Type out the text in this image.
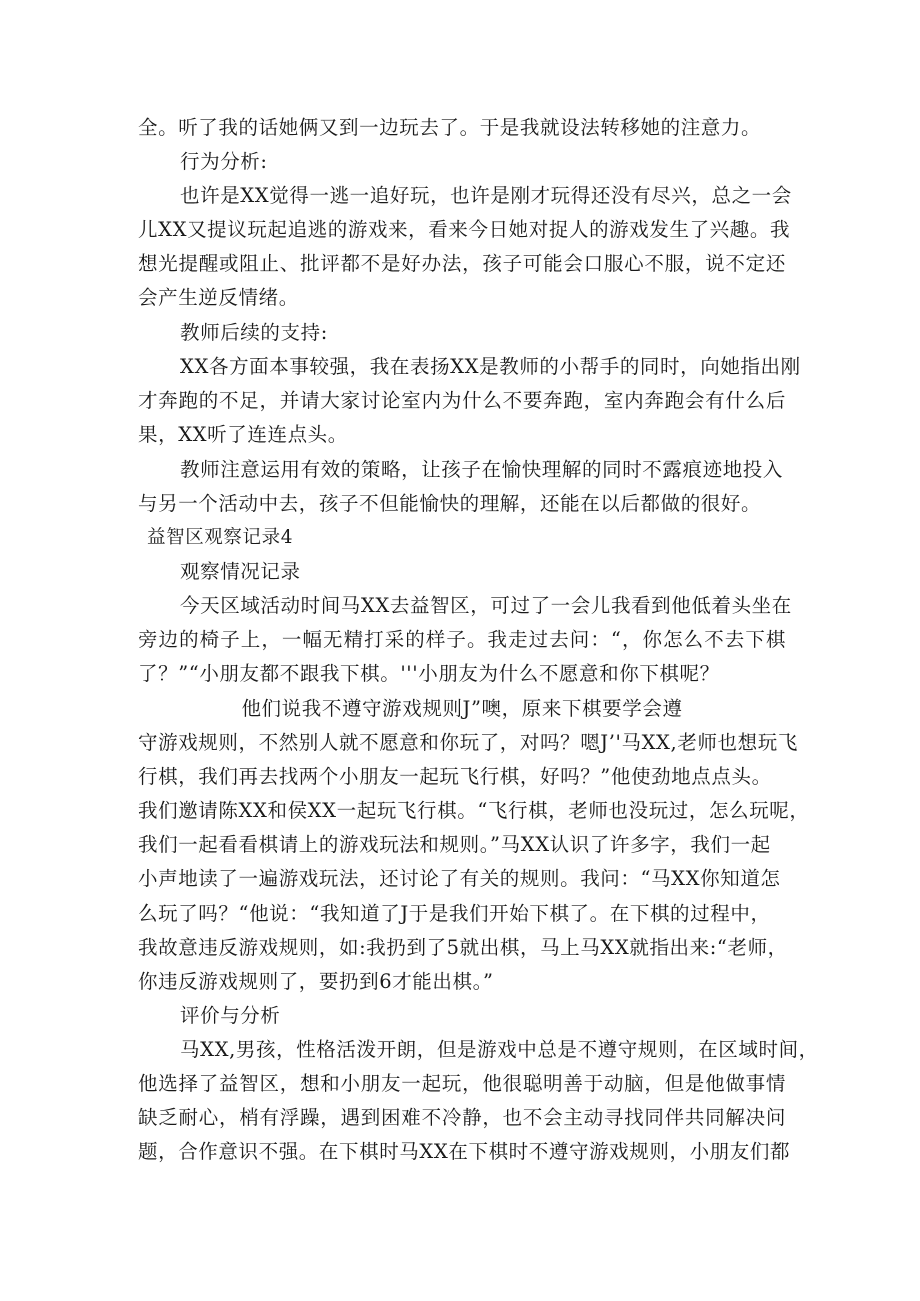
全。听了我的话她俩又到一边玩去了。于是我就设法转移她的注意力。
行为分析:
也许是XX觉得一逃一追好玩，也许是刚才玩得还没有尽兴，总之一会
儿XX又提议玩起追逃的游戏来，看来今日她对捉人的游戏发生了兴趣。我
想光提醒或阻止、批评都不是好办法，孩子可能会口服心不服，说不定还
会产生逆反情绪。
教师后续的支持:
XX各方面本事较强，我在表扬XX是教师的小帮手的同时，向她指出刚
才奔跑的不足，并请大家讨论室内为什么不要奔跑，室内奔跑会有什么后
果，XX听了连连点头。
教师注意运用有效的策略，让孩子在愉快理解的同时不露痕迹地投入
与另一个活动中去，孩子不但能愉快的理解，还能在以后都做的很好。
益智区观察记录4
观察情况记录
今天区域活动时间马XX去益智区，可过了一会儿我看到他低着头坐在
旁边的椅子上，一幅无精打采的样子。我走过去问：“，你怎么不去下棋
了？”“小朋友都不跟我下棋。'''小朋友为什么不愿意和你下棋呢？
他们说我不遵守游戏规则J”噢，原来下棋要学会遵
守游戏规则，不然别人就不愿意和你玩了，对吗？嗯J’'马XX,老师也想玩飞
行棋，我们再去找两个小朋友一起玩飞行棋，好吗？”他使劲地点点头。
我们邀请陈XX和侯XX一起玩飞行棋。“飞行棋，老师也没玩过，怎么玩呢，
我们一起看看棋请上的游戏玩法和规则。”马XX认识了许多字，我们一起
小声地读了一遍游戏玩法，还讨论了有关的规则。我问：“马XX你知道怎
么玩了吗？“他说：“我知道了J于是我们开始下棋了。在下棋的过程中，
我故意违反游戏规则，如:我扔到了5就出棋，马上马XX就指出来:“老师，
你违反游戏规则了，要扔到6才能出棋。”
评价与分析
马XX,男孩，性格活泼开朗，但是游戏中总是不遵守规则，在区域时间，
他选择了益智区，想和小朋友一起玩，他很聪明善于动脑，但是他做事情
缺乏耐心，梢有浮躁，遇到困难不冷静，也不会主动寻找同伴共同解决问
题，合作意识不强。在下棋时马XX在下棋时不遵守游戏规则，小朋友们都
